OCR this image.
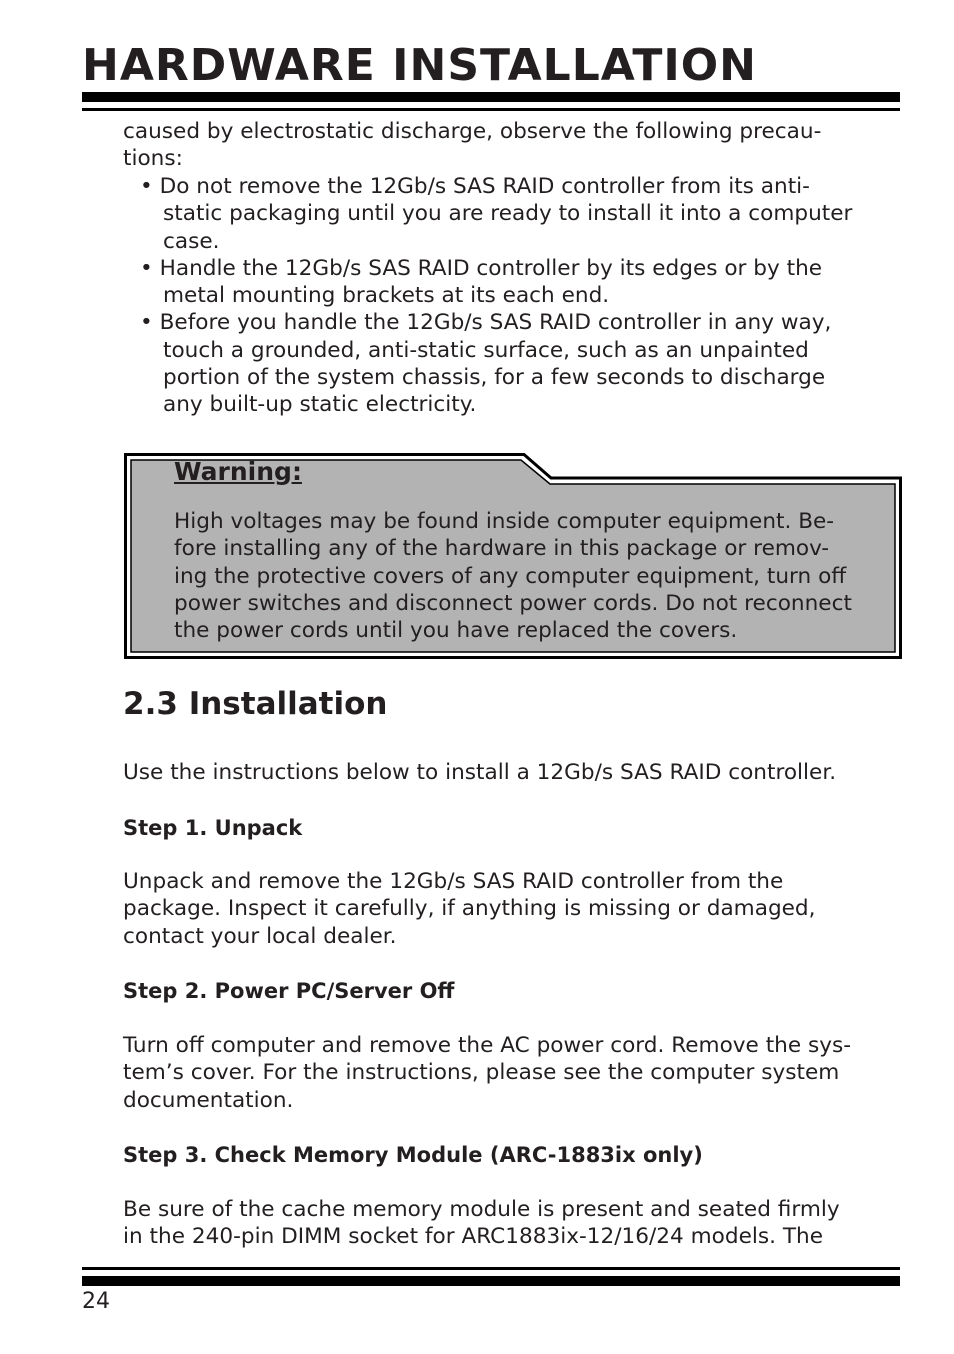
HARDWARE INSTALLATION
caused by electrostatic discharge, observe the following precau-
tions:
• Do not remove the 12Gb/s SAS RAID controller from its anti-
static packaging until you are ready to install it into a computer
case.
• Handle the 12Gb/s SAS RAID controller by its edges or by the
metal mounting brackets at its each end.
• Before you handle the 12Gb/s SAS RAID controller in any way,
touch a grounded, anti-static surface, such as an unpainted
portion of the system chassis, for a few seconds to discharge
any built-up static electricity.
Warning:
High voltages may be found inside computer equipment. Be-
fore installing any of the hardware in this package or remov-
ing the protective covers of any computer equipment, turn off
power switches and disconnect power cords. Do not reconnect
the power cords until you have replaced the covers.
2.3 Installation
Use the instructions below to install a 12Gb/s SAS RAID controller.
Step 1. Unpack
Unpack and remove the 12Gb/s SAS RAID controller from the
package. Inspect it carefully, if anything is missing or damaged,
contact your local dealer.
Step 2. Power PC/Server Off
Turn off computer and remove the AC power cord. Remove the sys-
tem’s cover. For the instructions, please see the computer system
documentation.
Step 3. Check Memory Module (ARC-1883ix only)
Be sure of the cache memory module is present and seated firmly
in the 240-pin DIMM socket for ARC1883ix-12/16/24 models. The
24
